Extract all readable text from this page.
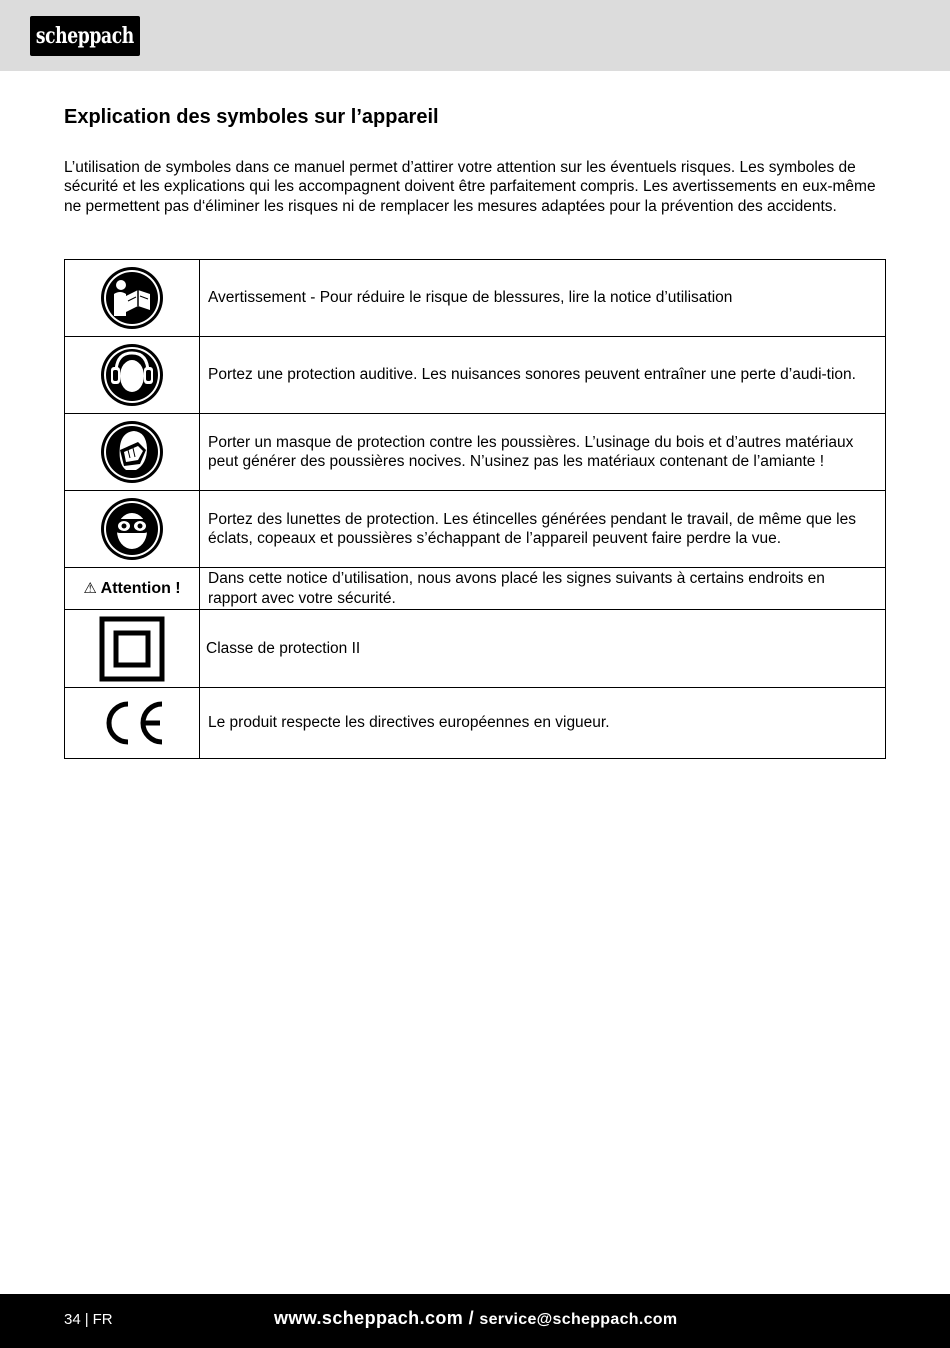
scheppach
Explication des symboles sur l’appareil

L’utilisation de symboles dans ce manuel permet d’attirer votre attention sur les éventuels risques. Les symboles de sécurité et les explications qui les accompagnent doivent être parfaitement compris. Les avertissements en eux-même ne permettent pas d‘éliminer les risques ni de remplacer les mesures adaptées pour la prévention des accidents.

	Avertissement - Pour réduire le risque de blessures, lire la notice d’utilisation

	Portez une protection auditive. Les nuisances sonores peuvent entraîner une perte d’audi-tion.

	Porter un masque de protection contre les poussières. L’usinage du bois et d’autres matériaux peut générer des poussières nocives. N’usinez pas les matériaux contenant de l’amiante !

	Portez des lunettes de protection. Les étincelles générées pendant le travail, de même que les éclats, copeaux et poussières s’échappant de l’appareil peuvent faire perdre la vue.
⚠ Attention !	Dans cette notice d’utilisation, nous avons placé les signes suivants à certains endroits en rapport avec votre sécurité.

	Classe de protection II

	Le produit respecte les directives européennes en vigueur.
34 | FR	www.scheppach.com / service@scheppach.com
